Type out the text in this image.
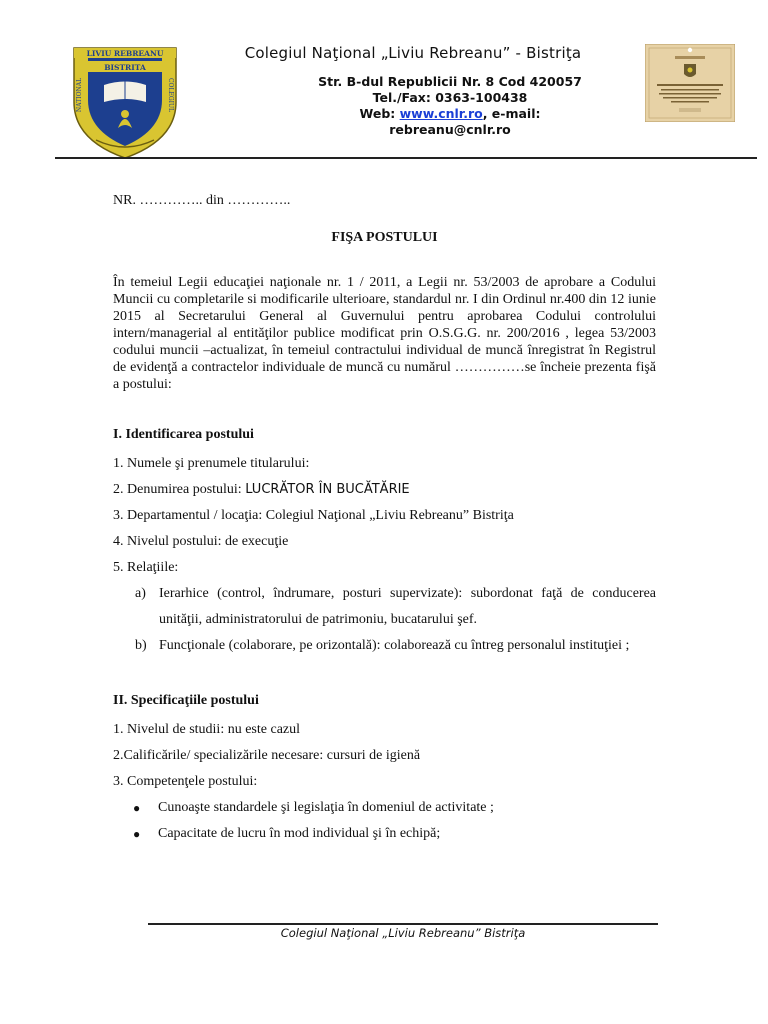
LIVIU REBREANU
BISTRITA
NATIONAL	COLEGIUL
Colegiul Naţional „Liviu Rebreanu” - Bistriţa
Str. B-dul Republicii Nr. 8 Cod 420057
Tel./Fax: 0363-100438
Web: www.cnlr.ro, e-mail: rebreanu@cnlr.ro

NR. ………….. din …………..

FIŞA POSTULUI

În temeiul Legii educaţiei naţionale nr. 1 / 2011, a Legii nr. 53/2003 de aprobare a Codului Muncii cu completarile si modificarile ulterioare, standardul nr. I din Ordinul nr.400 din 12 iunie 2015 al Secretarului General al Guvernului pentru aprobarea Codului controlului intern/managerial al entităţilor publice modificat prin O.S.G.G. nr. 200/2016 , legea 53/2003 codului muncii –actualizat, în temeiul contractului individual de muncă înregistrat în Registrul de evidenţă a contractelor individuale de muncă cu numărul ……………se încheie prezenta fişă a postului:

I. Identificarea postului

1. Numele şi prenumele titularului:

2. Denumirea postului: LUCRĂTOR ÎN BUCĂTĂRIE

3. Departamentul / locaţia: Colegiul Naţional „Liviu Rebreanu” Bistriţa

4. Nivelul postului: de execuţie

5. Relaţiile:

a) Ierarhice (control, îndrumare, posturi supervizate): subordonat faţă de conducerea unităţii, administratorului de patrimoniu, bucatarului şef.
b) Funcţionale (colaborare, pe orizontală): colaborează cu întreg personalul instituţiei ;

II. Specificaţiile postului

1. Nivelul de studii: nu este cazul

2.Calificările/ specializările necesare: cursuri de igienă

3. Competenţele postului:

●	Cunoaşte standardele şi legislaţia în domeniul de activitate ;
●	Capacitate de lucru în mod individual şi în echipă;
Colegiul Naţional „Liviu Rebreanu” Bistriţa
